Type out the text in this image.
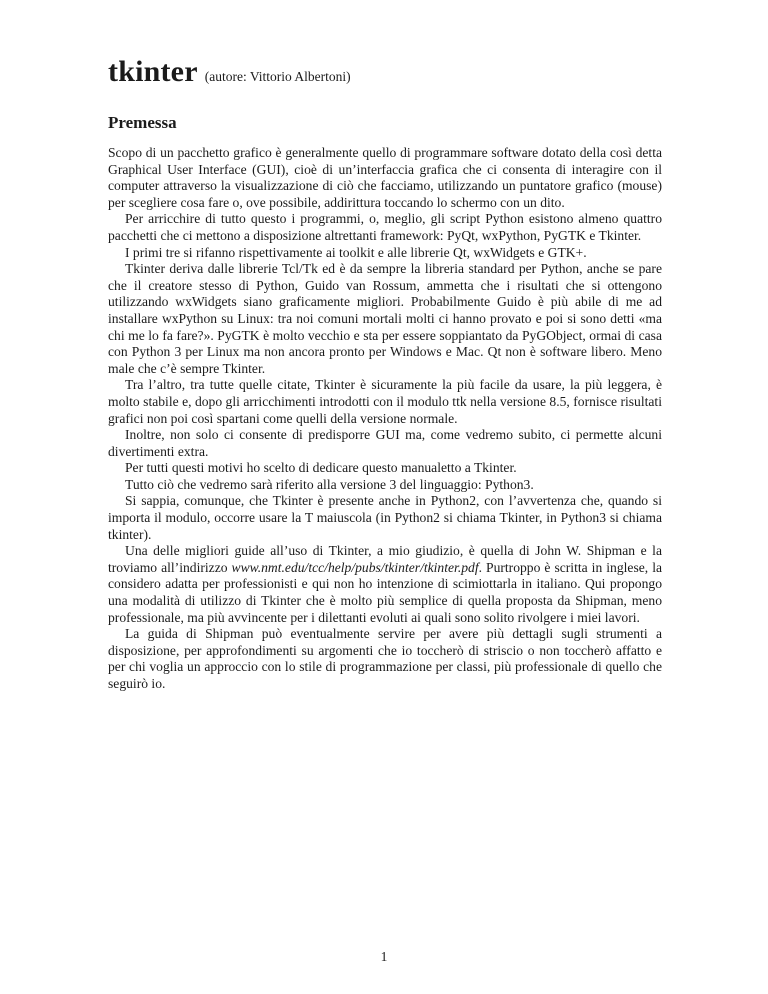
tkinter (autore: Vittorio Albertoni)
Premessa

Scopo di un pacchetto grafico è generalmente quello di programmare software dotato della così detta Graphical User Interface (GUI), cioè di un’interfaccia grafica che ci consenta di interagire con il computer attraverso la visualizzazione di ciò che facciamo, utilizzando un puntatore grafico (mouse) per scegliere cosa fare o, ove possibile, addirittura toccando lo schermo con un dito.

Per arricchire di tutto questo i programmi, o, meglio, gli script Python esistono almeno quattro pacchetti che ci mettono a disposizione altrettanti framework: PyQt, wxPython, PyGTK e Tkinter.

I primi tre si rifanno rispettivamente ai toolkit e alle librerie Qt, wxWidgets e GTK+.

Tkinter deriva dalle librerie Tcl/Tk ed è da sempre la libreria standard per Python, anche se pare che il creatore stesso di Python, Guido van Rossum, ammetta che i risultati che si ottengono utilizzando wxWidgets siano graficamente migliori. Probabilmente Guido è più abile di me ad installare wxPython su Linux: tra noi comuni mortali molti ci hanno provato e poi si sono detti «ma chi me lo fa fare?». PyGTK è molto vecchio e sta per essere soppiantato da PyGObject, ormai di casa con Python 3 per Linux ma non ancora pronto per Windows e Mac. Qt non è software libero. Meno male che c’è sempre Tkinter.

Tra l’altro, tra tutte quelle citate, Tkinter è sicuramente la più facile da usare, la più leggera, è molto stabile e, dopo gli arricchimenti introdotti con il modulo ttk nella versione 8.5, fornisce risultati grafici non poi così spartani come quelli della versione normale.

Inoltre, non solo ci consente di predisporre GUI ma, come vedremo subito, ci permette alcuni divertimenti extra.

Per tutti questi motivi ho scelto di dedicare questo manualetto a Tkinter.

Tutto ciò che vedremo sarà riferito alla versione 3 del linguaggio: Python3.

Si sappia, comunque, che Tkinter è presente anche in Python2, con l’avvertenza che, quando si importa il modulo, occorre usare la T maiuscola (in Python2 si chiama Tkinter, in Python3 si chiama tkinter).

Una delle migliori guide all’uso di Tkinter, a mio giudizio, è quella di John W. Shipman e la troviamo all’indirizzo www.nmt.edu/tcc/help/pubs/tkinter/tkinter.pdf. Purtroppo è scritta in inglese, la considero adatta per professionisti e qui non ho intenzione di scimiottarla in italiano. Qui propongo una modalità di utilizzo di Tkinter che è molto più semplice di quella proposta da Shipman, meno professionale, ma più avvincente per i dilettanti evoluti ai quali sono solito rivolgere i miei lavori.

La guida di Shipman può eventualmente servire per avere più dettagli sugli strumenti a disposizione, per approfondimenti su argomenti che io toccherò di striscio o non toccherò affatto e per chi voglia un approccio con lo stile di programmazione per classi, più professionale di quello che seguirò io.

1
